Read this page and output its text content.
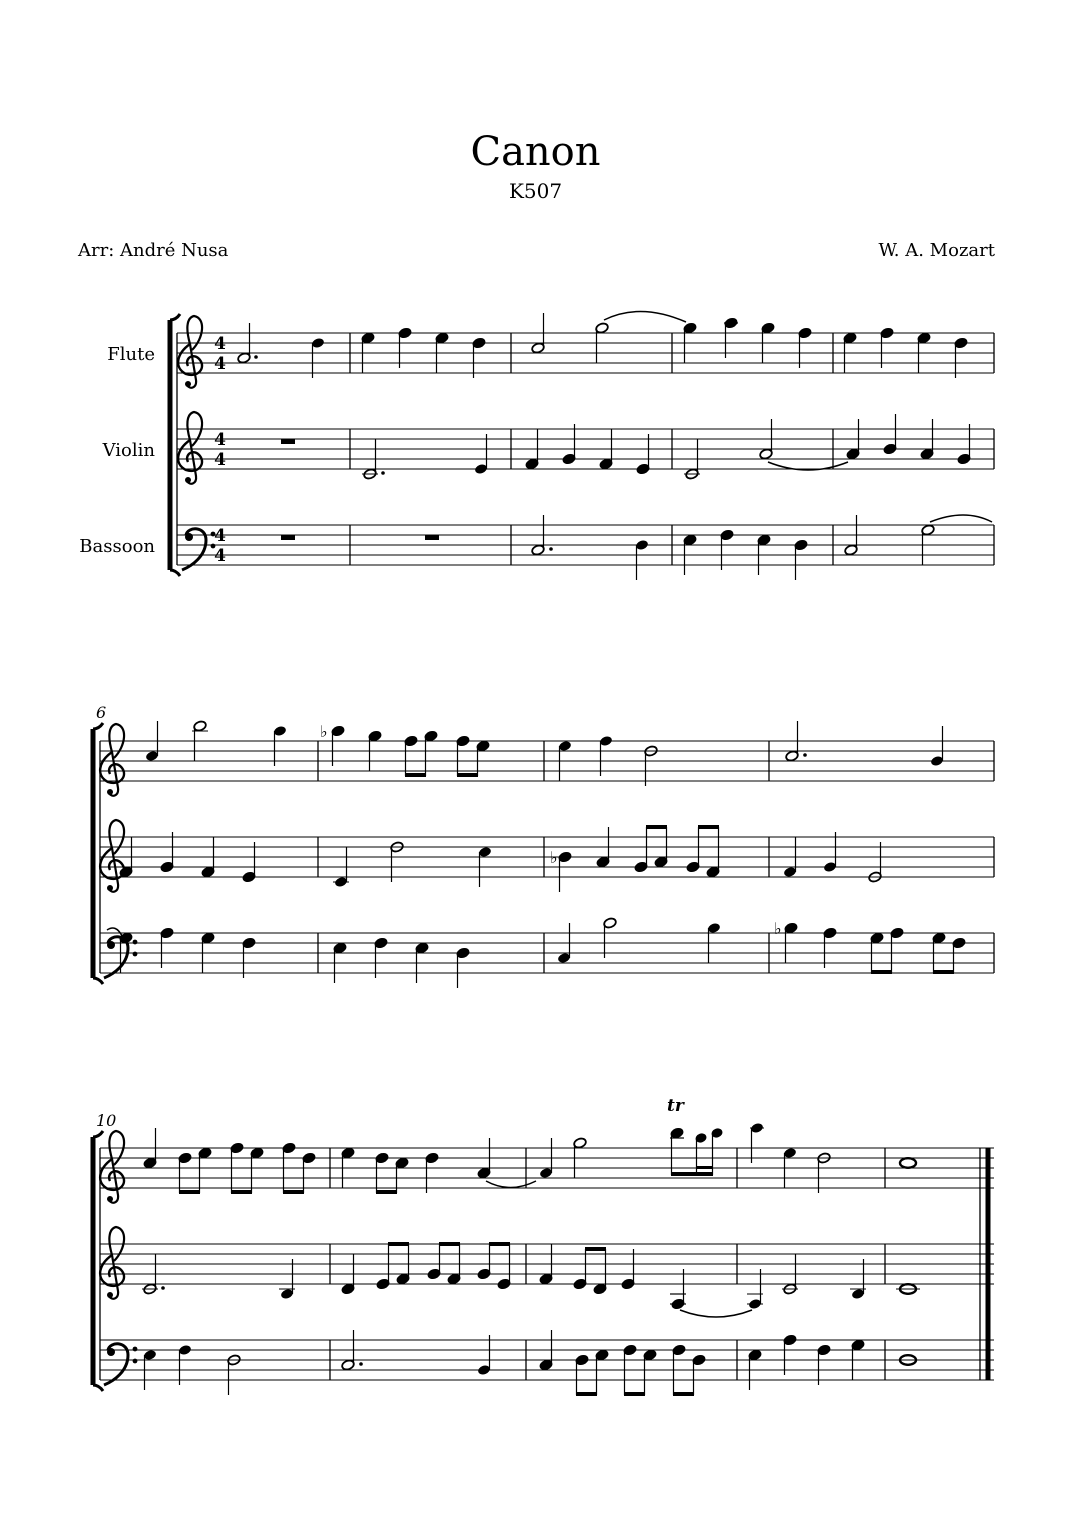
Canon
K507
Arr: André Nusa	W. A. Mozart
Flute
Violin
Bassoon
4
4
4
4
4
4
6
♭
♭
♭
10
tr
